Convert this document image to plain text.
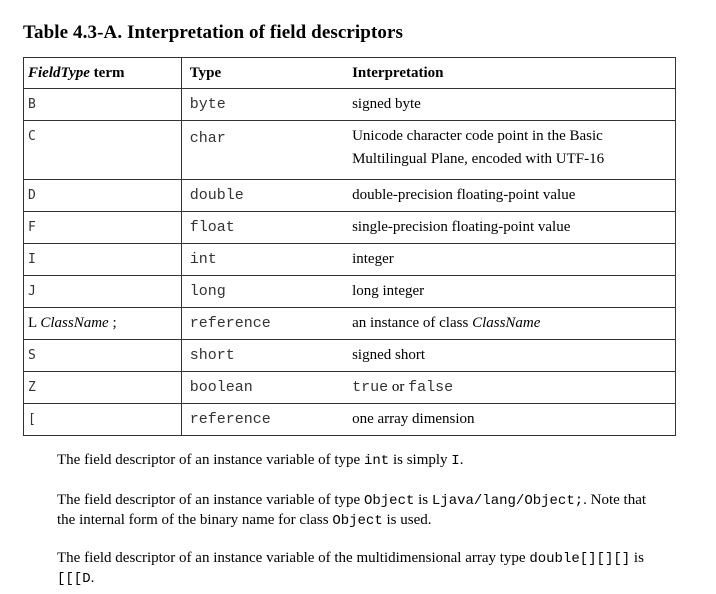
Table 4.3-A. Interpretation of field descriptors
FieldType term	Type	Interpretation
B	byte	signed byte
C	char	Unicode character code point in the Basic Multilingual Plane, encoded with UTF-16
D	double	double-precision floating-point value
F	float	single-precision floating-point value
I	int	integer
J	long	long integer
L ClassName ;	reference	an instance of class ClassName
S	short	signed short
Z	boolean	true or false
[	reference	one array dimension

The field descriptor of an instance variable of type int is simply I.

The field descriptor of an instance variable of type Object is Ljava/lang/Object;. Note that the internal form of the binary name for class Object is used.

The field descriptor of an instance variable of the multidimensional array type double[][][] is [[[D.
